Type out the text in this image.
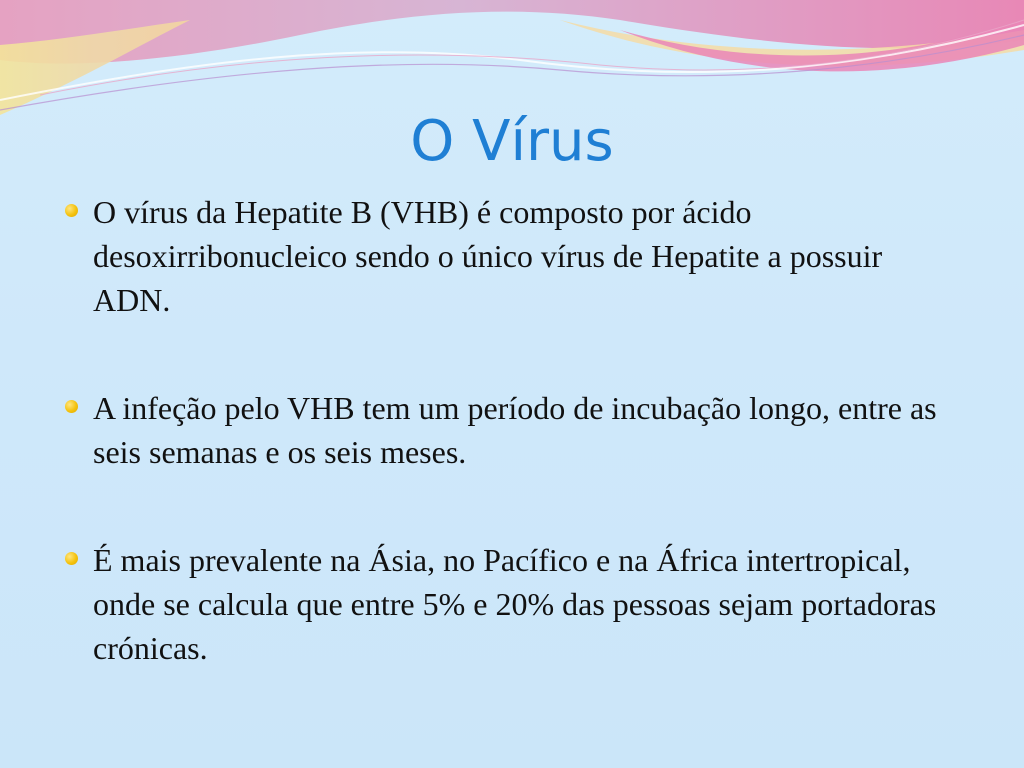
O Vírus
O vírus da Hepatite B (VHB) é composto por ácido desoxirribonucleico sendo o único vírus de Hepatite a possuir ADN.
A infeção pelo VHB tem um período de incubação longo, entre as seis semanas e os seis meses.
É mais prevalente na Ásia, no Pacífico e na África intertropical, onde se calcula que entre 5% e 20% das pessoas sejam portadoras crónicas.
